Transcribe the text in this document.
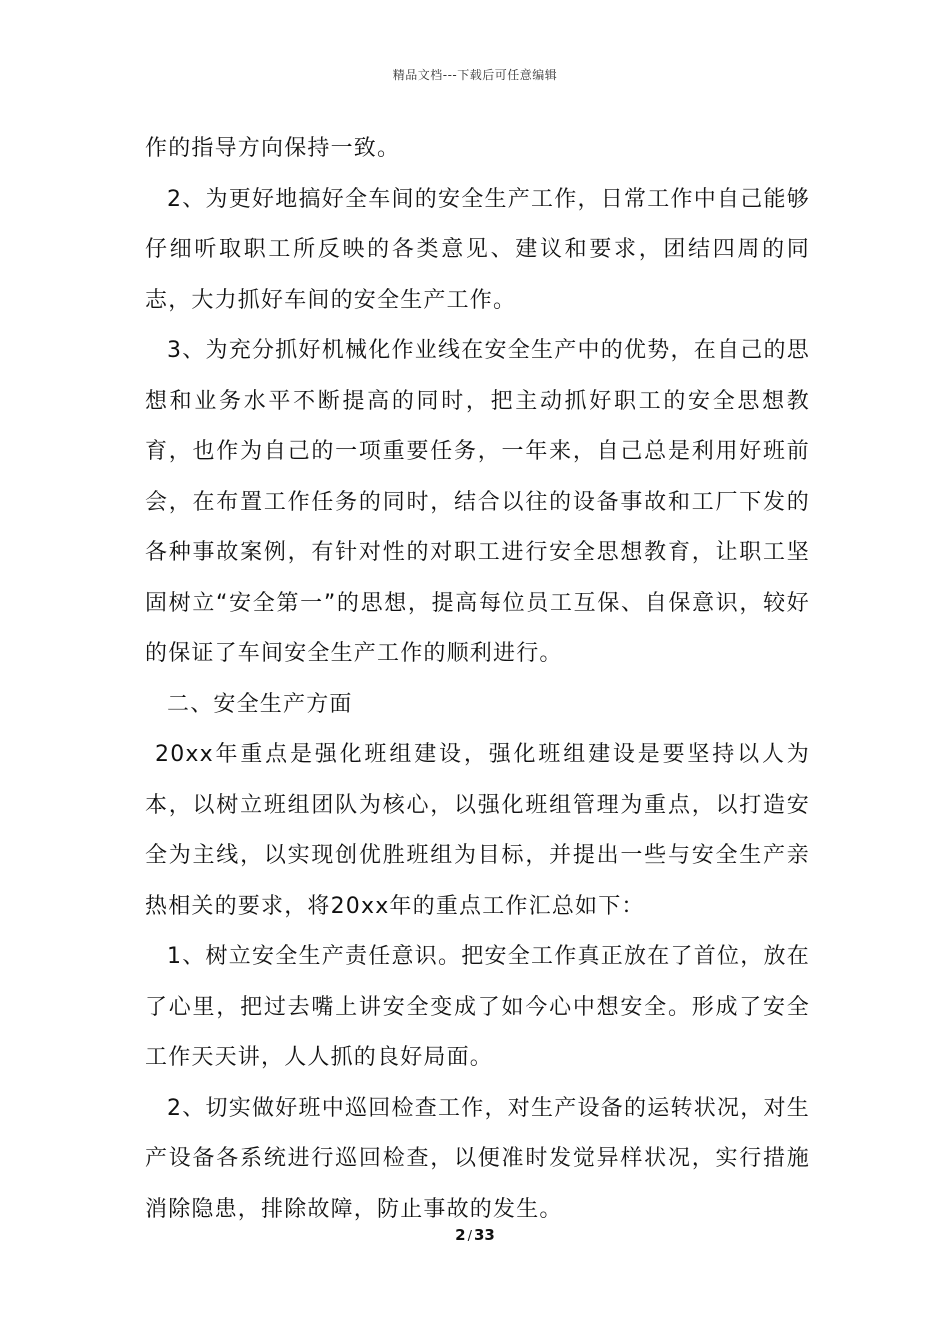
精品文档---下载后可任意编辑

作的指导方向保持一致。

2、为更好地搞好全车间的安全生产工作，日常工作中自己能够仔细听取职工所反映的各类意见、建议和要求，团结四周的同志，大力抓好车间的安全生产工作。

3、为充分抓好机械化作业线在安全生产中的优势，在自己的思想和业务水平不断提高的同时，把主动抓好职工的安全思想教育，也作为自己的一项重要任务，一年来，自己总是利用好班前会，在布置工作任务的同时，结合以往的设备事故和工厂下发的各种事故案例，有针对性的对职工进行安全思想教育，让职工坚固树立“安全第一”的思想，提高每位员工互保、自保意识，较好的保证了车间安全生产工作的顺利进行。

二、安全生产方面

20xx年重点是强化班组建设，强化班组建设是要坚持以人为本，以树立班组团队为核心，以强化班组管理为重点，以打造安全为主线，以实现创优胜班组为目标，并提出一些与安全生产亲热相关的要求，将20xx年的重点工作汇总如下：

1、树立安全生产责任意识。把安全工作真正放在了首位，放在了心里，把过去嘴上讲安全变成了如今心中想安全。形成了安全工作天天讲，人人抓的良好局面。

2、切实做好班中巡回检查工作，对生产设备的运转状况，对生产设备各系统进行巡回检查，以便准时发觉异样状况，实行措施消除隐患，排除故障，防止事故的发生。

2 / 33
